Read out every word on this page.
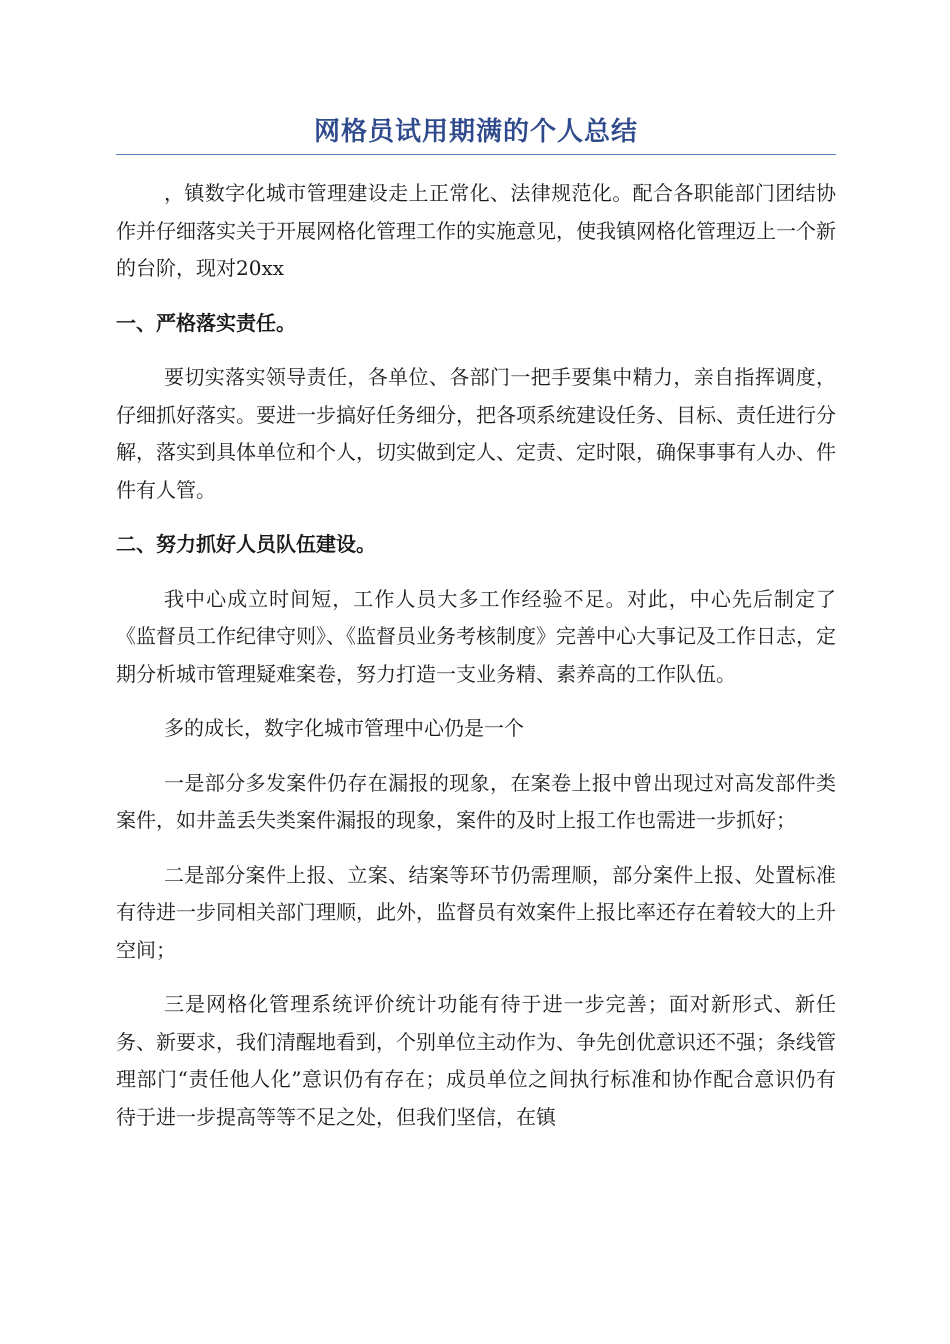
网格员试用期满的个人总结

，镇数字化城市管理建设走上正常化、法律规范化。配合各职能部门团结协作并仔细落实关于开展网格化管理工作的实施意见，使我镇网格化管理迈上一个新的台阶，现对20xx

一、严格落实责任。

要切实落实领导责任，各单位、各部门一把手要集中精力，亲自指挥调度，仔细抓好落实。要进一步搞好任务细分，把各项系统建设任务、目标、责任进行分解，落实到具体单位和个人，切实做到定人、定责、定时限，确保事事有人办、件件有人管。

二、努力抓好人员队伍建设。

我中心成立时间短，工作人员大多工作经验不足。对此，中心先后制定了《监督员工作纪律守则》、《监督员业务考核制度》完善中心大事记及工作日志，定期分析城市管理疑难案卷，努力打造一支业务精、素养高的工作队伍。

多的成长，数字化城市管理中心仍是一个

一是部分多发案件仍存在漏报的现象，在案卷上报中曾出现过对高发部件类案件，如井盖丢失类案件漏报的现象，案件的及时上报工作也需进一步抓好；

二是部分案件上报、立案、结案等环节仍需理顺，部分案件上报、处置标准有待进一步同相关部门理顺，此外，监督员有效案件上报比率还存在着较大的上升空间；

三是网格化管理系统评价统计功能有待于进一步完善；面对新形式、新任务、新要求，我们清醒地看到，个别单位主动作为、争先创优意识还不强；条线管理部门“责任他人化”意识仍有存在；成员单位之间执行标准和协作配合意识仍有待于进一步提高等等不足之处，但我们坚信，在镇
